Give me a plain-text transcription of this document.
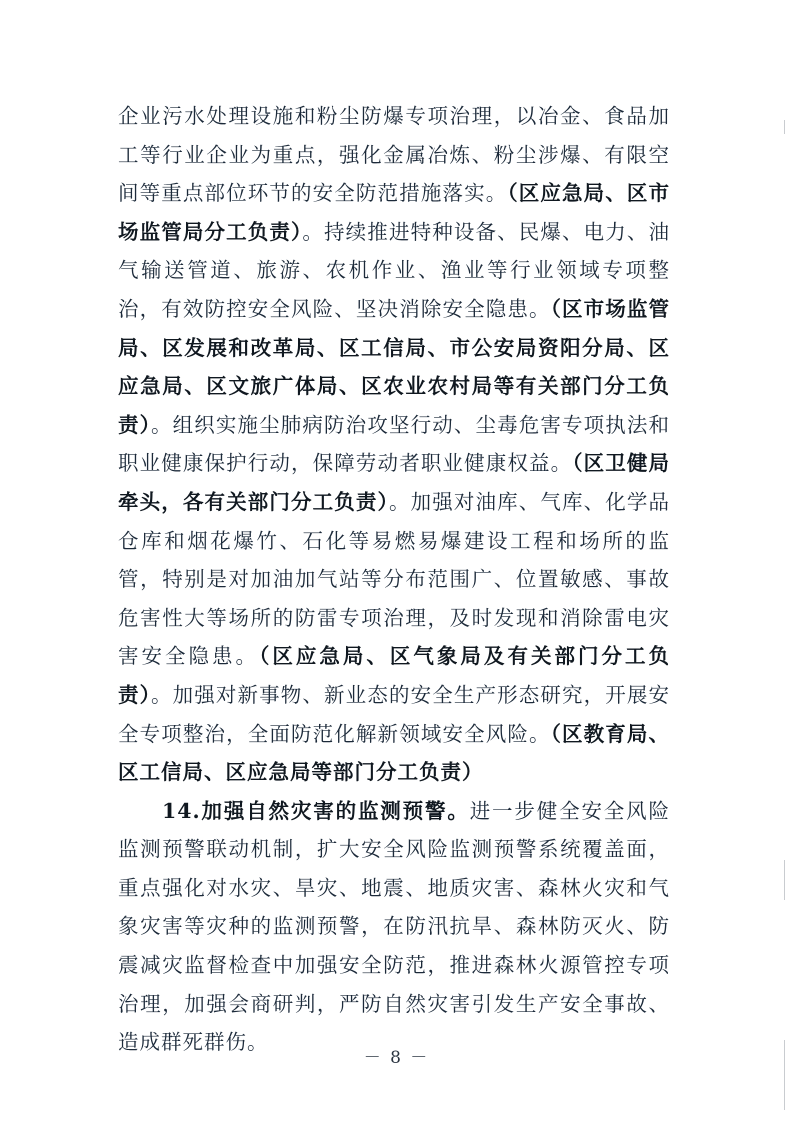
企业污水处理设施和粉尘防爆专项治理，以冶金、食品加工等行业企业为重点，强化金属冶炼、粉尘涉爆、有限空间等重点部位环节的安全防范措施落实。（区应急局、区市场监管局分工负责）。持续推进特种设备、民爆、电力、油气输送管道、旅游、农机作业、渔业等行业领域专项整治，有效防控安全风险、坚决消除安全隐患。（区市场监管局、区发展和改革局、区工信局、市公安局资阳分局、区应急局、区文旅广体局、区农业农村局等有关部门分工负责）。组织实施尘肺病防治攻坚行动、尘毒危害专项执法和职业健康保护行动，保障劳动者职业健康权益。（区卫健局牵头，各有关部门分工负责）。加强对油库、气库、化学品仓库和烟花爆竹、石化等易燃易爆建设工程和场所的监管，特别是对加油加气站等分布范围广、位置敏感、事故危害性大等场所的防雷专项治理，及时发现和消除雷电灾害安全隐患。（区应急局、区气象局及有关部门分工负责）。加强对新事物、新业态的安全生产形态研究，开展安全专项整治，全面防范化解新领域安全风险。（区教育局、区工信局、区应急局等部门分工负责）

14.加强自然灾害的监测预警。进一步健全安全风险监测预警联动机制，扩大安全风险监测预警系统覆盖面，重点强化对水灾、旱灾、地震、地质灾害、森林火灾和气象灾害等灾种的监测预警，在防汛抗旱、森林防灭火、防震减灾监督检查中加强安全防范，推进森林火源管控专项治理，加强会商研判，严防自然灾害引发生产安全事故、造成群死群伤。

－ 8 －
